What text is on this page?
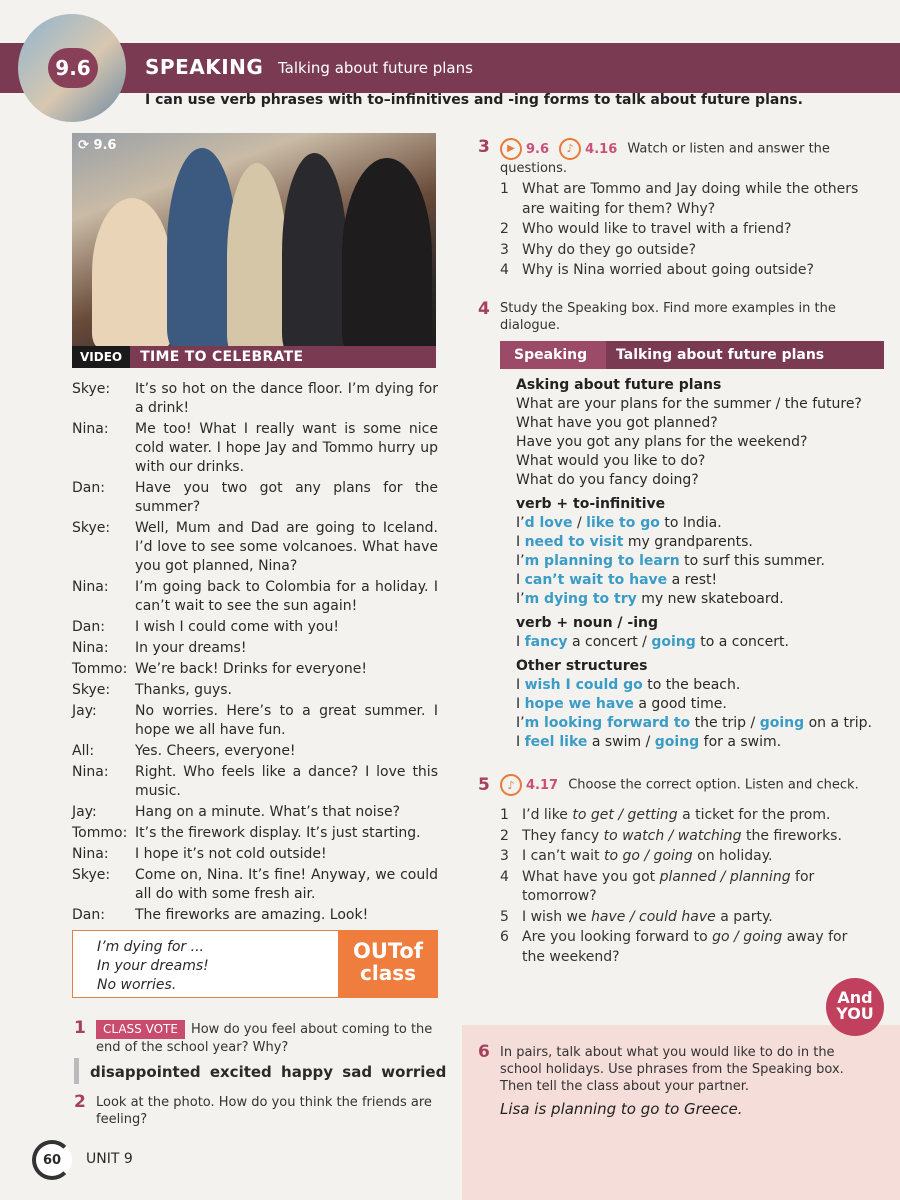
9.6	SPEAKING Talking about future plans
I can use verb phrases with to–infinitives and -ing forms to talk about future plans.
⟳ 9.6
VIDEO	TIME TO CELEBRATE
Skye:	It’s so hot on the dance floor. I’m dying for a drink!
Nina:	Me too! What I really want is some nice cold water. I hope Jay and Tommo hurry up with our drinks.
Dan:	Have you two got any plans for the summer?
Skye:	Well, Mum and Dad are going to Iceland. I’d love to see some volcanoes. What have you got planned, Nina?
Nina:	I’m going back to Colombia for a holiday. I can’t wait to see the sun again!
Dan:	I wish I could come with you!
Nina:	In your dreams!
Tommo: We’re back! Drinks for everyone!
Skye:	Thanks, guys.
Jay:	No worries. Here’s to a great summer. I hope we all have fun.
All:	Yes. Cheers, everyone!
Nina:	Right. Who feels like a dance? I love this music.
Jay:	Hang on a minute. What’s that noise?
Tommo: It’s the firework display. It’s just starting.
Nina:	I hope it’s not cold outside!
Skye:	Come on, Nina. It’s fine! Anyway, we could all do with some fresh air.
Dan:	The fireworks are amazing. Look!
I’m dying for ...
In your dreams!
No worries.
OUTof
class
1	CLASS VOTE How do you feel about coming to the end of the school year? Why?
disappointed excited happy sad worried
2 Look at the photo. How do you think the friends are feeling?
60	UNIT 9
3	▶ 9.6 ♪ 4.16 Watch or listen and answer the questions.
1 What are Tommo and Jay doing while the others are waiting for them? Why?
2 Who would like to travel with a friend?
3 Why do they go outside?
4 Why is Nina worried about going outside?
4 Study the Speaking box. Find more examples in the dialogue.
Speaking	Talking about future plans
Asking about future plans
What are your plans for the summer / the future?
What have you got planned?
Have you got any plans for the weekend?
What would you like to do?
What do you fancy doing?
verb + to-infinitive
I’d love / like to go to India.
I need to visit my grandparents.
I’m planning to learn to surf this summer.
I can’t wait to have a rest!
I’m dying to try my new skateboard.
verb + noun / -ing
I fancy a concert / going to a concert.
Other structures
I wish I could go to the beach.
I hope we have a good time.
I’m looking forward to the trip / going on a trip.
I feel like a swim / going for a swim.
5	♪ 4.17 Choose the correct option. Listen and check.
1 I’d like to get / getting a ticket for the prom.
2 They fancy to watch / watching the fireworks.
3 I can’t wait to go / going on holiday.
4 What have you got planned / planning for tomorrow?
5 I wish we have / could have a party.
6 Are you looking forward to go / going away for the weekend?
And
YOU
6 In pairs, talk about what you would like to do in the school holidays. Use phrases from the Speaking box. Then tell the class about your partner.
Lisa is planning to go to Greece.
